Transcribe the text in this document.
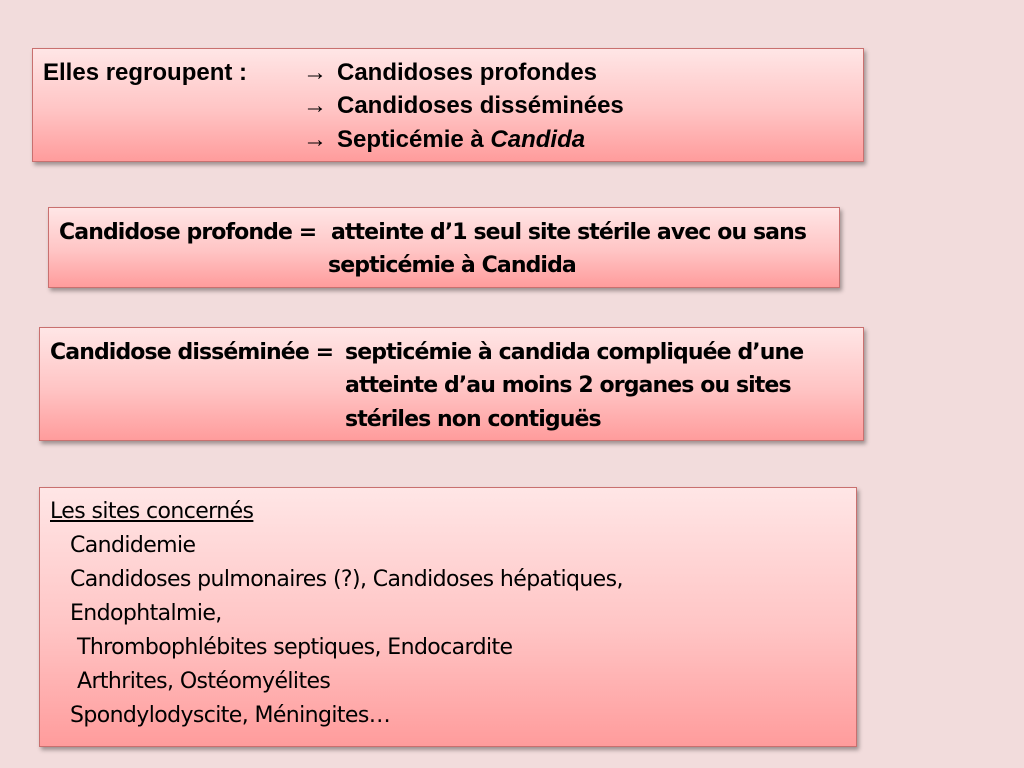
Elles regroupent : → Candidoses profondes
→ Candidoses disséminées
→ Septicémie à Candida
Candidose profonde = atteinte d’1 seul site stérile avec ou sans
septicémie à Candida
Candidose disséminée = septicémie à candida compliquée d’une
atteinte d’au moins 2 organes ou sites
stériles non contiguës
Les sites concernés
Candidemie
Candidoses pulmonaires (?), Candidoses hépatiques,
Endophtalmie,
Thrombophlébites septiques, Endocardite
Arthrites, Ostéomyélites
Spondylodyscite, Méningites…
